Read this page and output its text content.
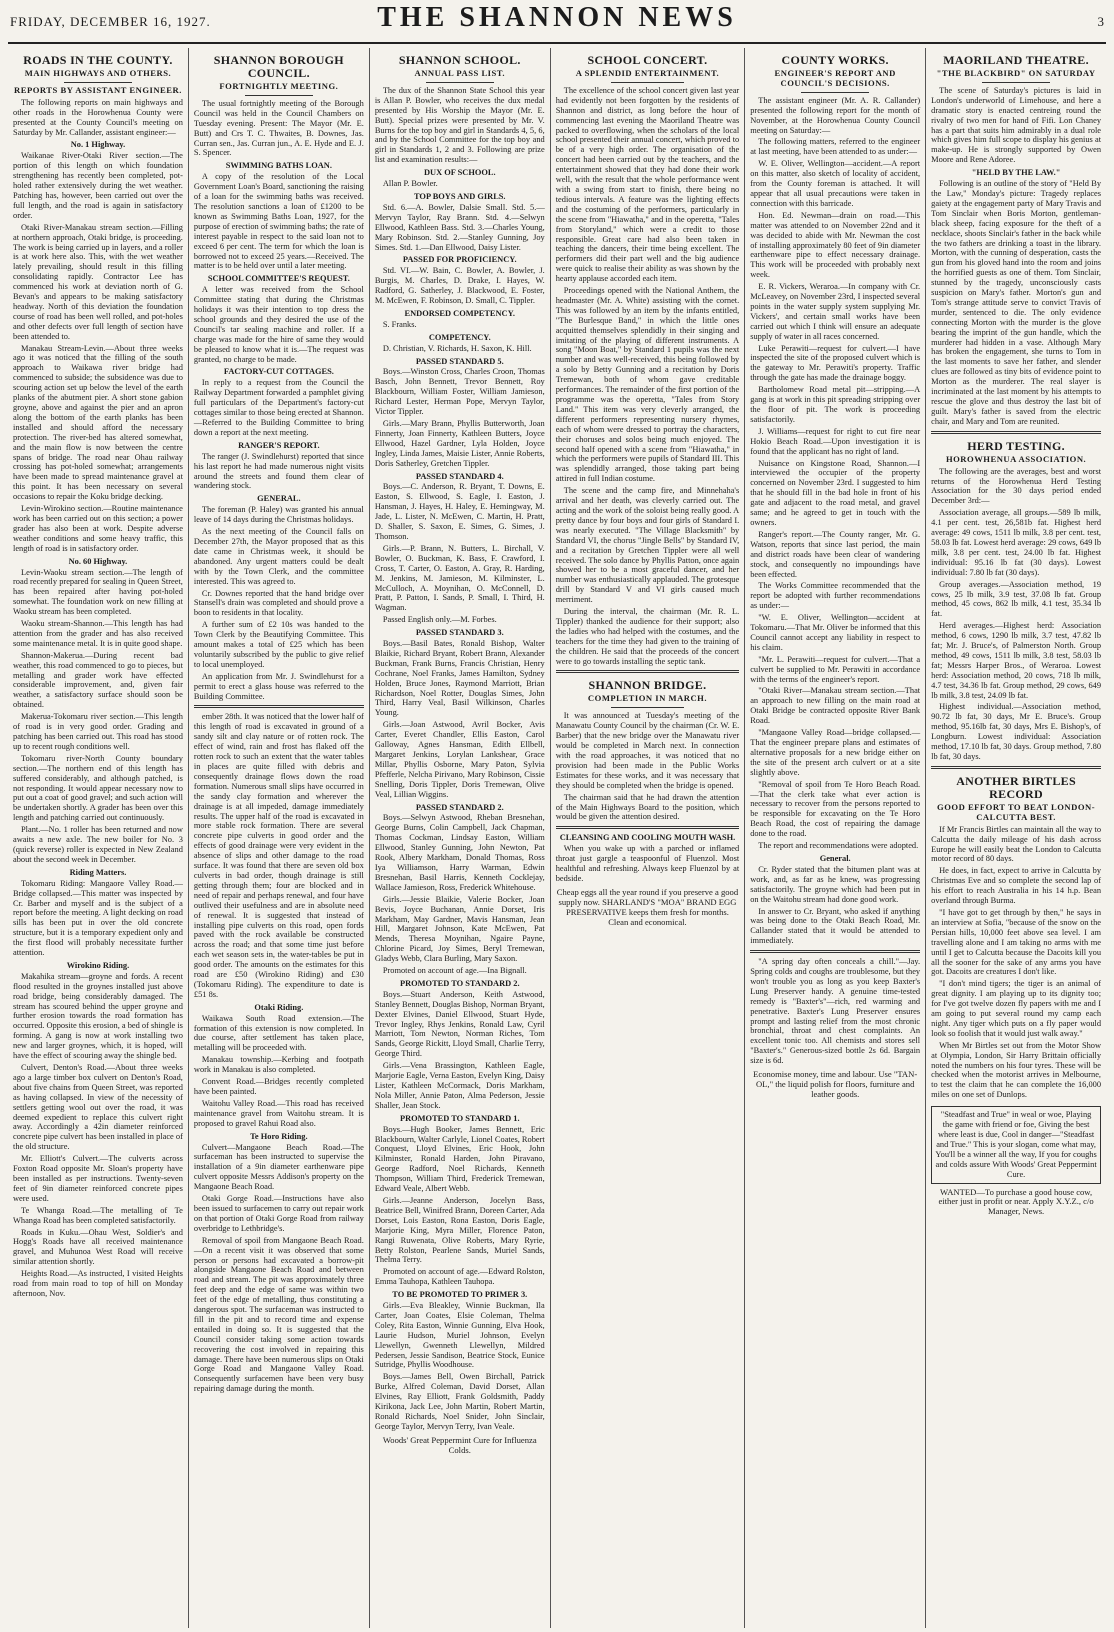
FRIDAY, DECEMBER 16, 1927.	THE SHANNON NEWS	3
ROADS IN THE COUNTY.
MAIN HIGHWAYS AND OTHERS.
REPORTS BY ASSISTANT ENGINEER.

The following reports on main highways and other roads in the Horowhenua County were presented at the County Council's meeting on Saturday by Mr. Callander, assistant engineer:—

No. 1 Highway.

Waikanae River-Otaki River section.—The portion of this length on which foundation strengthening has recently been completed, pot-holed rather extensively during the wet weather. Patching has, however, been carried out over the full length, and the road is again in satisfactory order.

Otaki River-Manakau stream section.—Filling at northern approach, Otaki bridge, is proceeding. The work is being carried up in layers, and a roller is at work here also. This, with the wet weather lately prevailing, should result in this filling consolidating rapidly. Contractor Lee has commenced his work at deviation north of G. Bevan's and appears to be making satisfactory headway. North of this deviation the foundation course of road has been well rolled, and pot-holes and other defects over full length of section have been attended to.

Manakau Stream-Levin.—About three weeks ago it was noticed that the filling of the south approach to Waikawa river bridge had commenced to subside; the subsidence was due to scouring action set up below the level of the earth planks of the abutment pier. A short stone gabion groyne, above and against the pier and an apron along the bottom of the earth planks has been installed and should afford the necessary protection. The river-bed has altered somewhat, and the main flow is now between the centre spans of bridge. The road near Ohau railway crossing has pot-holed somewhat; arrangements have been made to spread maintenance gravel at this point. It has been necessary on several occasions to repair the Koku bridge decking.

Levin-Wirokino section.—Routine maintenance work has been carried out on this section; a power grader has also been at work. Despite adverse weather conditions and some heavy traffic, this length of road is in satisfactory order.

No. 60 Highway.

Levin-Waoku stream section.—The length of road recently prepared for sealing in Queen Street, has been repaired after having pot-holed somewhat. The foundation work on new filling at Waoku stream has been completed.

Waoku stream-Shannon.—This length has had attention from the grader and has also received some maintenance metal. It is in quite good shape.

Shannon-Makerua.—During recent bad weather, this road commenced to go to pieces, but metalling and grader work have effected considerable improvement, and, given fair weather, a satisfactory surface should soon be obtained.

Makerua-Tokomaru river section.—This length of road is in very good order. Grading and patching has been carried out. This road has stood up to recent rough conditions well.

Tokomaru river-North County boundary section.—The northern end of this length has suffered considerably, and although patched, is not responding. It would appear necessary now to put out a coat of good gravel; and such action will be undertaken shortly. A grader has been over this length and patching carried out continuously.

Plant.—No. 1 roller has been returned and now awaits a new axle. The new boiler for No. 3 (quick reverse) roller is expected in New Zealand about the second week in December.

Riding Matters.

Tokomaru Riding: Mangaore Valley Road.—Bridge collapsed.—This matter was inspected by Cr. Barber and myself and is the subject of a report before the meeting. A light decking on road sills has been put in over the old concrete structure, but it is a temporary expedient only and the first flood will probably necessitate further attention.

Wirokino Riding.

Makahika stream—groyne and fords. A recent flood resulted in the groynes installed just above road bridge, being considerably damaged. The stream has scoured behind the upper groyne and further erosion towards the road formation has occurred. Opposite this erosion, a bed of shingle is forming. A gang is now at work installing two new and larger groynes, which, it is hoped, will have the effect of scouring away the shingle bed.

Culvert, Denton's Road.—About three weeks ago a large timber box culvert on Denton's Road, about five chains from Queen Street, was reported as having collapsed. In view of the necessity of settlers getting wool out over the road, it was deemed expedient to replace this culvert right away. Accordingly a 42in diameter reinforced concrete pipe culvert has been installed in place of the old structure.

Mr. Elliott's Culvert.—The culverts across Foxton Road opposite Mr. Sloan's property have been installed as per instructions. Twenty-seven feet of 9in diameter reinforced concrete pipes were used.

Te Whanga Road.—The metalling of Te Whanga Road has been completed satisfactorily.

Roads in Kuku.—Ohau West, Soldier's and Hogg's Roads have all received maintenance gravel, and Muhunoa West Road will receive similar attention shortly.

Heights Road.—As instructed, I visited Heights road from main road to top of hill on Monday afternoon, Nov.

SHANNON BOROUGH COUNCIL.
FORTNIGHTLY MEETING.

The usual fortnightly meeting of the Borough Council was held in the Council Chambers on Tuesday evening. Present: The Mayor (Mr. E. Butt) and Crs T. C. Thwaites, B. Downes, Jas. Curran sen., Jas. Curran jun., A. E. Hyde and E. J. S. Spencer.

SWIMMING BATHS LOAN.

A copy of the resolution of the Local Government Loan's Board, sanctioning the raising of a loan for the swimming baths was received. The resolution sanctions a loan of £1200 to be known as Swimming Baths Loan, 1927, for the purpose of erection of swimming baths; the rate of interest payable in respect to the said loan not to exceed 6 per cent. The term for which the loan is borrowed not to exceed 25 years.—Received. The matter is to be held over until a later meeting.

SCHOOL COMMITTEE'S REQUEST.

A letter was received from the School Committee stating that during the Christmas holidays it was their intention to top dress the school grounds and they desired the use of the Council's tar sealing machine and roller. If a charge was made for the hire of same they would be pleased to know what it is.—The request was granted, no charge to be made.

FACTORY-CUT COTTAGES.

In reply to a request from the Council the Railway Department forwarded a pamphlet giving full particulars of the Department's factory-cut cottages similar to those being erected at Shannon.—Referred to the Building Committee to bring down a report at the next meeting.

RANGER'S REPORT.

The ranger (J. Swindlehurst) reported that since his last report he had made numerous night visits around the streets and found them clear of wandering stock.

GENERAL.

The foreman (P. Haley) was granted his annual leave of 14 days during the Christmas holidays.

As the next meeting of the Council falls on December 27th, the Mayor proposed that as this date came in Christmas week, it should be abandoned. Any urgent matters could be dealt with by the Town Clerk, and the committee interested. This was agreed to.

Cr. Downes reported that the hand bridge over Stansell's drain was completed and should prove a boon to residents in that locality.

A further sum of £2 10s was handed to the Town Clerk by the Beautifying Committee. This amount makes a total of £25 which has been voluntarily subscribed by the public to give relief to local unemployed.

An application from Mr. J. Swindlehurst for a permit to erect a glass house was referred to the Building Committee.

ember 28th. It was noticed that the lower half of this length of road is excavated in ground of a sandy silt and clay nature or of rotten rock. The effect of wind, rain and frost has flaked off the rotten rock to such an extent that the water tables in places are quite filled with debris and consequently drainage flows down the road formation. Numerous small slips have occurred in the sandy clay formation and wherever the drainage is at all impeded, damage immediately results. The upper half of the road is excavated in more stable rock formation. There are several concrete pipe culverts in good order and the effects of good drainage were very evident in the absence of slips and other damage to the road surface. It was found that there are seven old box culverts in bad order, though drainage is still getting through them; four are blocked and in need of repair and perhaps renewal, and four have outlived their usefulness and are in absolute need of renewal. It is suggested that instead of installing pipe culverts on this road, open fords paved with the rock available be constructed across the road; and that some time just before each wet season sets in, the water-tables be put in good order. The amounts on the estimates for this road are £50 (Wirokino Riding) and £30 (Tokomaru Riding). The expenditure to date is £51 8s.

Otaki Riding.

Waikawa South Road extension.—The formation of this extension is now completed. In due course, after settlement has taken place, metalling will be proceeded with.

Manakau township.—Kerbing and footpath work in Manakau is also completed.

Convent Road.—Bridges recently completed have been painted.

Waitohu Valley Road.—This road has received maintenance gravel from Waitohu stream. It is proposed to gravel Rahui Road also.

Te Horo Riding.

Culvert—Mangaone Beach Road.—The surfaceman has been instructed to supervise the installation of a 9in diameter earthenware pipe culvert opposite Messrs Addison's property on the Mangaone Beach Road.

Otaki Gorge Road.—Instructions have also been issued to surfacemen to carry out repair work on that portion of Otaki Gorge Road from railway overbridge to Lethbridge's.

Removal of spoil from Mangaone Beach Road.—On a recent visit it was observed that some person or persons had excavated a borrow-pit alongside Mangaone Beach Road and between road and stream. The pit was approximately three feet deep and the edge of same was within two feet of the edge of metalling, thus constituting a dangerous spot. The surfaceman was instructed to fill in the pit and to record time and expense entailed in doing so. It is suggested that the Council consider taking some action towards recovering the cost involved in repairing this damage. There have been numerous slips on Otaki Gorge Road and Mangaone Valley Road. Consequently surfacemen have been very busy repairing damage during the month.

SHANNON SCHOOL.
ANNUAL PASS LIST.

The dux of the Shannon State School this year is Allan P. Bowler, who receives the dux medal presented by His Worship the Mayor (Mr. E. Butt). Special prizes were presented by Mr. V. Burns for the top boy and girl in Standards 4, 5, 6, and by the School Committee for the top boy and girl in Standards 1, 2 and 3. Following are prize list and examination results:—

DUX OF SCHOOL.

Allan P. Bowler.

TOP BOYS AND GIRLS.

Std. 6.—A. Bowler, Dalsie Small. Std. 5.—Mervyn Taylor, Ray Brann. Std. 4.—Selwyn Ellwood, Kathleen Bass. Std. 3.—Charles Young, Mary Robinson. Std. 2.—Stanley Gunning, Joy Simes. Std. 1.—Dan Ellwood, Daisy Lister.

PASSED FOR PROFICIENCY.

Std. VI.—W. Bain, C. Bowler, A. Bowler, J. Burgis, M. Charles, D. Drake, I. Hayes, W. Radford, G. Satherley, J. Blackwood, E. Foster, M. McEwen, F. Robinson, D. Small, C. Tippler.

ENDORSED COMPETENCY.

S. Franks.

COMPETENCY.

D. Christian, V. Richards, H. Saxon, K. Hill.

PASSED STANDARD 5.

Boys.—Winston Cross, Charles Croon, Thomas Basch, John Bennett, Trevor Bennett, Roy Blackbourn, William Foster, William Jamieson, Richard Lester, Herman Pope, Mervyn Taylor, Victor Tippler.

Girls.—Mary Brann, Phyllis Butterworth, Joan Finnerty, Joan Finnerty, Kathleen Butters, Joyce Ellwood, Hazel Gardner, Lyla Holden, Joyce Ingley, Linda James, Maisie Lister, Annie Roberts, Doris Satherley, Gretchen Tippler.

PASSED STANDARD 4.

Boys.—C. Anderson, R. Bryant, T. Downs, E. Easton, S. Ellwood, S. Eagle, I. Easton, J. Hansman, J. Hayes, H. Haley, E. Hemingway, M. Jade, L. Lister, N. McEwen, C. Martin, H. Pratt, D. Shaller, S. Saxon, E. Simes, G. Simes, J. Thomson.

Girls.—P. Brann, N. Butters, L. Birchall, V. Bowler, O. Buckman, K. Bass, F. Crawford, I. Cross, T. Carter, O. Easton, A. Gray, R. Harding, M. Jenkins, M. Jamieson, M. Kilminster, L. McCulloch, A. Moynihan, O. McConnell, D. Pratt, P. Patton, I. Sands, P. Small, I. Third, H. Wagman.

Passed English only.—M. Forbes.

PASSED STANDARD 3.

Boys.—Basil Bates, Ronald Bishop, Walter Blaikie, Richard Bryant, Robert Brann, Alexander Buckman, Frank Burns, Francis Christian, Henry Cochrane, Noel Franks, James Hamilton, Sydney Holden, Bruce Jones, Raymond Marriott, Brian Richardson, Noel Rotter, Douglas Simes, John Third, Harry Veal, Basil Wilkinson, Charles Young.

Girls.—Joan Astwood, Avril Bocker, Avis Carter, Everet Chandler, Ellis Easton, Carol Galloway, Agnes Hansman, Edith Ellbell, Margaret Jenkins, Lorylan Lankshear, Grace Millar, Phyllis Osborne, Mary Paton, Sylvia Pfefferle, Nelcha Pirivano, Mary Robinson, Cissie Snelling, Doris Tippler, Doris Tremewan, Olive Veal, Lillian Wiggins.

PASSED STANDARD 2.

Boys.—Selwyn Astwood, Rheban Bresnehan, George Burns, Colin Campbell, Jack Chapman, Thomas Cockman, Lindsay Easton, William Ellwood, Stanley Gunning, John Newton, Pat Rook, Albery Markham, Donald Thomas, Ross Iya Williamson, Harry Warman, Edwin Bresnehan, Basil Harris, Kenneth Cocklejay, Wallace Jamieson, Ross, Frederick Whitehouse.

Girls.—Jessie Blaikie, Valerie Bocker, Joan Bevis, Joyce Buchanan, Annie Dorset, Iris Markham, May Gardner, Mavis Hansman, Jean Hill, Margaret Johnson, Kate McEwen, Pat Mends, Theresa Moynihan, Ngaire Payne, Chlorine Picard, Joy Simes, Beryl Tremewan, Gladys Webb, Clara Burling, Mary Saxon.

Promoted on account of age.—Ina Bignall.

PROMOTED TO STANDARD 2.

Boys.—Stuart Anderson, Keith Astwood, Stanley Bennett, Douglas Bishop, Norman Bryant, Dexter Elvines, Daniel Ellwood, Stuart Hyde, Trevor Ingley, Rhys Jenkins, Ronald Law, Cyril Marriott, Tom Newton, Norman Riches, Tom Sands, George Rickitt, Lloyd Small, Charlie Terry, George Third.

Girls.—Vena Brassington, Kathleen Eagle, Marjorie Eagle, Verna Easton, Evelyn King, Daisy Lister, Kathleen McCormack, Doris Markham, Nola Miller, Annie Paton, Alma Pederson, Jessie Shaller, Jean Stock.

PROMOTED TO STANDARD 1.

Boys.—Hugh Booker, James Bennett, Eric Blackbourn, Walter Carlyle, Lionel Coates, Robert Conquest, Lloyd Elvines, Eric Hook, John Kilminster, Ronald Harden, John Piravano, George Radford, Noel Richards, Kenneth Thompson, William Third, Frederick Tremewan, Edward Veale, Albert Webb.

Girls.—Jeanne Anderson, Jocelyn Bass, Beatrice Bell, Winifred Brann, Doreen Carter, Ada Dorset, Lois Easton, Rona Easton, Doris Eagle, Marjorie King, Myra Miller, Florence Paton, Rangi Ruwenata, Olive Roberts, Mary Ryrie, Betty Rolston, Pearlene Sands, Muriel Sands, Thelma Terry.

Promoted on account of age.—Edward Rolston, Emma Tauhopa, Kathleen Tauhopa.

TO BE PROMOTED TO PRIMER 3.

Girls.—Eva Bleakley, Winnie Buckman, Ila Carter, Joan Coates, Elsie Coleman, Thelma Coley, Rita Easton, Winnie Gunning, Elva Hook, Laurie Hudson, Muriel Johnson, Evelyn Llewellyn, Gwenneth Llewellyn, Mildred Pedersen, Jessie Sandison, Beatrice Stock, Eunice Sutridge, Phyllis Woodhouse.

Boys.—James Bell, Owen Birchall, Patrick Burke, Alfred Coleman, David Dorset, Allan Elvines, Ray Elliott, Frank Goldsmith, Paddy Kirikona, Jack Lee, John Martin, Robert Martin, Ronald Richards, Noel Snider, John Sinclair, George Taylor, Mervyn Terry, Ivan Veale.

Woods' Great Peppermint Cure for Influenza Colds.
SCHOOL CONCERT.
A SPLENDID ENTERTAINMENT.

The excellence of the school concert given last year had evidently not been forgotten by the residents of Shannon and district, as long before the hour of commencing last evening the Maoriland Theatre was packed to overflowing, when the scholars of the local school presented their annual concert, which proved to be of a very high order. The organisation of the concert had been carried out by the teachers, and the entertainment showed that they had done their work well, with the result that the whole performance went with a swing from start to finish, there being no tedious intervals. A feature was the lighting effects and the costuming of the performers, particularly in the scene from "Hiawatha," and in the operetta, "Tales from Storyland," which were a credit to those responsible. Great care had also been taken in teaching the dancers, their time being excellent. The performers did their part well and the big audience were quick to realise their ability as was shown by the hearty applause accorded each item.

Proceedings opened with the National Anthem, the headmaster (Mr. A. White) assisting with the cornet. This was followed by an item by the infants entitled, "The Burlesque Band," in which the little ones acquitted themselves splendidly in their singing and imitating of the playing of different instruments. A song "Moon Boat," by Standard 1 pupils was the next number and was well-received, this being followed by a solo by Betty Gunning and a recitation by Doris Tremewan, both of whom gave creditable performances. The remainder of the first portion of the programme was the operetta, "Tales from Story Land." This item was very cleverly arranged, the different performers representing nursery rhymes, each of whom were dressed to portray the characters, their choruses and solos being much enjoyed. The second half opened with a scene from "Hiawatha," in which the performers were pupils of Standard III. This was splendidly arranged, those taking part being attired in full Indian costume.

The scene and the camp fire, and Minnehaha's arrival and her death, was cleverly carried out. The acting and the work of the soloist being really good. A pretty dance by four boys and four girls of Standard I. was nearly executed. "The Village Blacksmith" by Standard VI, the chorus "Jingle Bells" by Standard IV, and a recitation by Gretchen Tippler were all well received. The solo dance by Phyllis Patton, once again showed her to be a most graceful dancer, and her number was enthusiastically applauded. The grotesque drill by Standard V and VI girls caused much merriment.

During the interval, the chairman (Mr. R. L. Tippler) thanked the audience for their support; also the ladies who had helped with the costumes, and the teachers for the time they had given to the training of the children. He said that the proceeds of the concert were to go towards installing the septic tank.

SHANNON BRIDGE.
COMPLETION IN MARCH.

It was announced at Tuesday's meeting of the Manawatu County Council by the chairman (Cr. W. E. Barber) that the new bridge over the Manawatu river would be completed in March next. In connection with the road approaches, it was noticed that no provision had been made in the Public Works Estimates for these works, and it was necessary that they should be completed when the bridge is opened.

The chairman said that he had drawn the attention of the Main Highways Board to the position, which would be given the attention desired.

CLEANSING AND COOLING MOUTH WASH.

When you wake up with a parched or inflamed throat just gargle a teaspoonful of Fluenzol. Most healthful and refreshing. Always keep Fluenzol by at bedside.

Cheap eggs all the year round if you preserve a good supply now. SHARLAND'S "MOA" BRAND EGG PRESERVATIVE keeps them fresh for months. Clean and economical.
COUNTY WORKS.
ENGINEER'S REPORT AND COUNCIL'S DECISIONS.

The assistant engineer (Mr. A. R. Callander) presented the following report for the month of November, at the Horowhenua County Council meeting on Saturday:—

The following matters, referred to the engineer at last meeting, have been attended to as under:—

W. E. Oliver, Wellington—accident.—A report on this matter, also sketch of locality of accident, from the County foreman is attached. It will appear that all usual precautions were taken in connection with this barricade.

Hon. Ed. Newman—drain on road.—This matter was attended to on November 22nd and it was decided to abide with Mr. Newman the cost of installing approximately 80 feet of 9in diameter earthenware pipe to effect necessary drainage. This work will be proceeded with probably next week.

E. R. Vickers, Weraroa.—In company with Cr. McLeavey, on November 23rd, I inspected several points in the water supply system supplying Mr. Vickers', and certain small works have been carried out which I think will ensure an adequate supply of water in all races concerned.

Luke Perawiti—request for culvert.—I have inspected the site of the proposed culvert which is the gateway to Mr. Perawiti's property. Traffic through the gate has made the drainage boggy.

Bartholomew Road metal pit—stripping.—A gang is at work in this pit spreading stripping over the floor of pit. The work is proceeding satisfactorily.

J. Williams—request for right to cut fire near Hokio Beach Road.—Upon investigation it is found that the applicant has no right of land.

Nuisance on Kingstone Road, Shannon.—I interviewed the occupier of the property concerned on November 23rd. I suggested to him that he should fill in the bad hole in front of his gate and adjacent to the road metal, and gravel same; and he agreed to get in touch with the owners.

Ranger's report.—The County ranger, Mr. G. Watson, reports that since last period, the main and district roads have been clear of wandering stock, and consequently no impoundings have been effected.

The Works Committee recommended that the report be adopted with further recommendations as under:—

"W. E. Oliver, Wellington—accident at Tokomaru.—That Mr. Oliver be informed that this Council cannot accept any liability in respect to his claim.

"Mr. L. Perawiti—request for culvert.—That a culvert be supplied to Mr. Perawiti in accordance with the terms of the engineer's report.

"Otaki River—Manakau stream section.—That an approach to new filling on the main road at Otaki Bridge be contracted opposite River Bank Road.

"Mangaone Valley Road—bridge collapsed.—That the engineer prepare plans and estimates of alternative proposals for a new bridge either on the site of the present arch culvert or at a site slightly above.

"Removal of spoil from Te Horo Beach Road.—That the clerk take what ever action is necessary to recover from the persons reported to be responsible for excavating on the Te Horo Beach Road, the cost of repairing the damage done to the road.

The report and recommendations were adopted.

General.

Cr. Ryder stated that the bitumen plant was at work, and, as far as he knew, was progressing satisfactorily. The groyne which had been put in on the Waitohu stream had done good work.

In answer to Cr. Bryant, who asked if anything was being done to the Otaki Beach Road, Mr. Callander stated that it would be attended to immediately.

"A spring day often conceals a chill."—Jay. Spring colds and coughs are troublesome, but they won't trouble you as long as you keep Baxter's Lung Preserver handy. A genuine time-tested remedy is "Baxter's"—rich, red warming and penetrative. Baxter's Lung Preserver ensures prompt and lasting relief from the most chronic bronchial, throat and chest complaints. An excellent tonic too. All chemists and stores sell "Baxter's." Generous-sized bottle 2s 6d. Bargain size is 6d.

Economise money, time and labour. Use "TAN-OL," the liquid polish for floors, furniture and leather goods.
MAORILAND THEATRE.
"THE BLACKBIRD" ON SATURDAY

The scene of Saturday's pictures is laid in London's underworld of Limehouse, and here a dramatic story is enacted centreing round the rivalry of two men for hand of Fifi. Lon Chaney has a part that suits him admirably in a dual role which gives him full scope to display his genius at make-up. He is strongly supported by Owen Moore and Rene Adoree.

"HELD BY THE LAW."

Following is an outline of the story of "Held By the Law," Monday's picture: Tragedy replaces gaiety at the engagement party of Mary Travis and Tom Sinclair when Boris Morton, gentleman-black sheep, facing exposure for the theft of a necklace, shoots Sinclair's father in the back while the two fathers are drinking a toast in the library. Morton, with the cunning of desperation, casts the gun from his gloved hand into the room and joins the horrified guests as one of them. Tom Sinclair, stunned by the tragedy, unconsciously casts suspicion on Mary's father. Morton's gun and Tom's strange attitude serve to convict Travis of murder, sentenced to die. The only evidence connecting Morton with the murder is the glove bearing the imprint of the gun handle, which the murderer had hidden in a vase. Although Mary has broken the engagement, she turns to Tom in the last moments to save her father, and slender clues are followed as tiny bits of evidence point to Morton as the murderer. The real slayer is incriminated at the last moment by his attempts to rescue the glove and thus destroy the last bit of guilt. Mary's father is saved from the electric chair, and Mary and Tom are reunited.

HERD TESTING.
HOROWHENUA ASSOCIATION.

The following are the averages, best and worst returns of the Horowhenua Herd Testing Association for the 30 days period ended December 3rd:—

Association average, all groups.—589 lb milk, 4.1 per cent. test, 26,581b fat. Highest herd average: 49 cows, 1511 lb milk, 3.8 per cent. test, 58.03 lb fat. Lowest herd average: 29 cows, 649 lb milk, 3.8 per cent. test, 24.00 lb fat. Highest individual: 95.16 lb fat (30 days). Lowest individual: 7.80 lb fat (30 days).

Group averages.—Association method, 19 cows, 25 lb milk, 3.9 test, 37.08 lb fat. Group method, 45 cows, 862 lb milk, 4.1 test, 35.34 lb fat.

Herd averages.—Highest herd: Association method, 6 cows, 1290 lb milk, 3.7 test, 47.82 lb fat; Mr. J. Bruce's, of Palmerston North. Group method, 49 cows, 1511 lb milk, 3.8 test, 58.03 lb fat; Messrs Harper Bros., of Weraroa. Lowest herd: Association method, 20 cows, 718 lb milk, 4.7 test, 34.36 lb fat. Group method, 29 cows, 649 lb milk, 3.8 test, 24.09 lb fat.

Highest individual.—Association method, 90.72 lb fat, 30 days, Mr E. Bruce's. Group method, 95.16lb fat, 30 days, Mrs E. Bishop's, of Longburn. Lowest individual: Association method, 17.10 lb fat, 30 days. Group method, 7.80 lb fat, 30 days.

ANOTHER BIRTLES RECORD
GOOD EFFORT TO BEAT LONDON-CALCUTTA BEST.

If Mr Francis Birtles can maintain all the way to Calcutta the daily mileage of his dash across Europe he will easily beat the London to Calcutta motor record of 80 days.

He does, in fact, expect to arrive in Calcutta by Christmas Eve and so complete the second lap of his effort to reach Australia in his 14 h.p. Bean overland through Burma.

"I have got to get through by then," he says in an interview at Sofia, "because of the snow on the Persian hills, 10,000 feet above sea level. I am travelling alone and I am taking no arms with me until I get to Calcutta because the Dacoits kill you all the sooner for the sake of any arms you have got. Dacoits are creatures I don't like.

"I don't mind tigers; the tiger is an animal of great dignity. I am playing up to its dignity too; for I've got twelve dozen fly papers with me and I am going to put several round my camp each night. Any tiger which puts on a fly paper would look so foolish that it would just walk away."

When Mr Birtles set out from the Motor Show at Olympia, London, Sir Harry Brittain officially noted the numbers on his four tyres. These will be checked when the motorist arrives in Melbourne, to test the claim that he can complete the 16,000 miles on one set of Dunlops.

"Steadfast and True" in weal or woe, Playing the game with friend or foe, Giving the best where least is due, Cool in danger—"Steadfast and True." This is your slogan, come what may, You'll be a winner all the way, If you for coughs and colds assure With Woods' Great Peppermint Cure.
WANTED—To purchase a good house cow, either just in profit or near. Apply X.Y.Z., c/o Manager, News.
